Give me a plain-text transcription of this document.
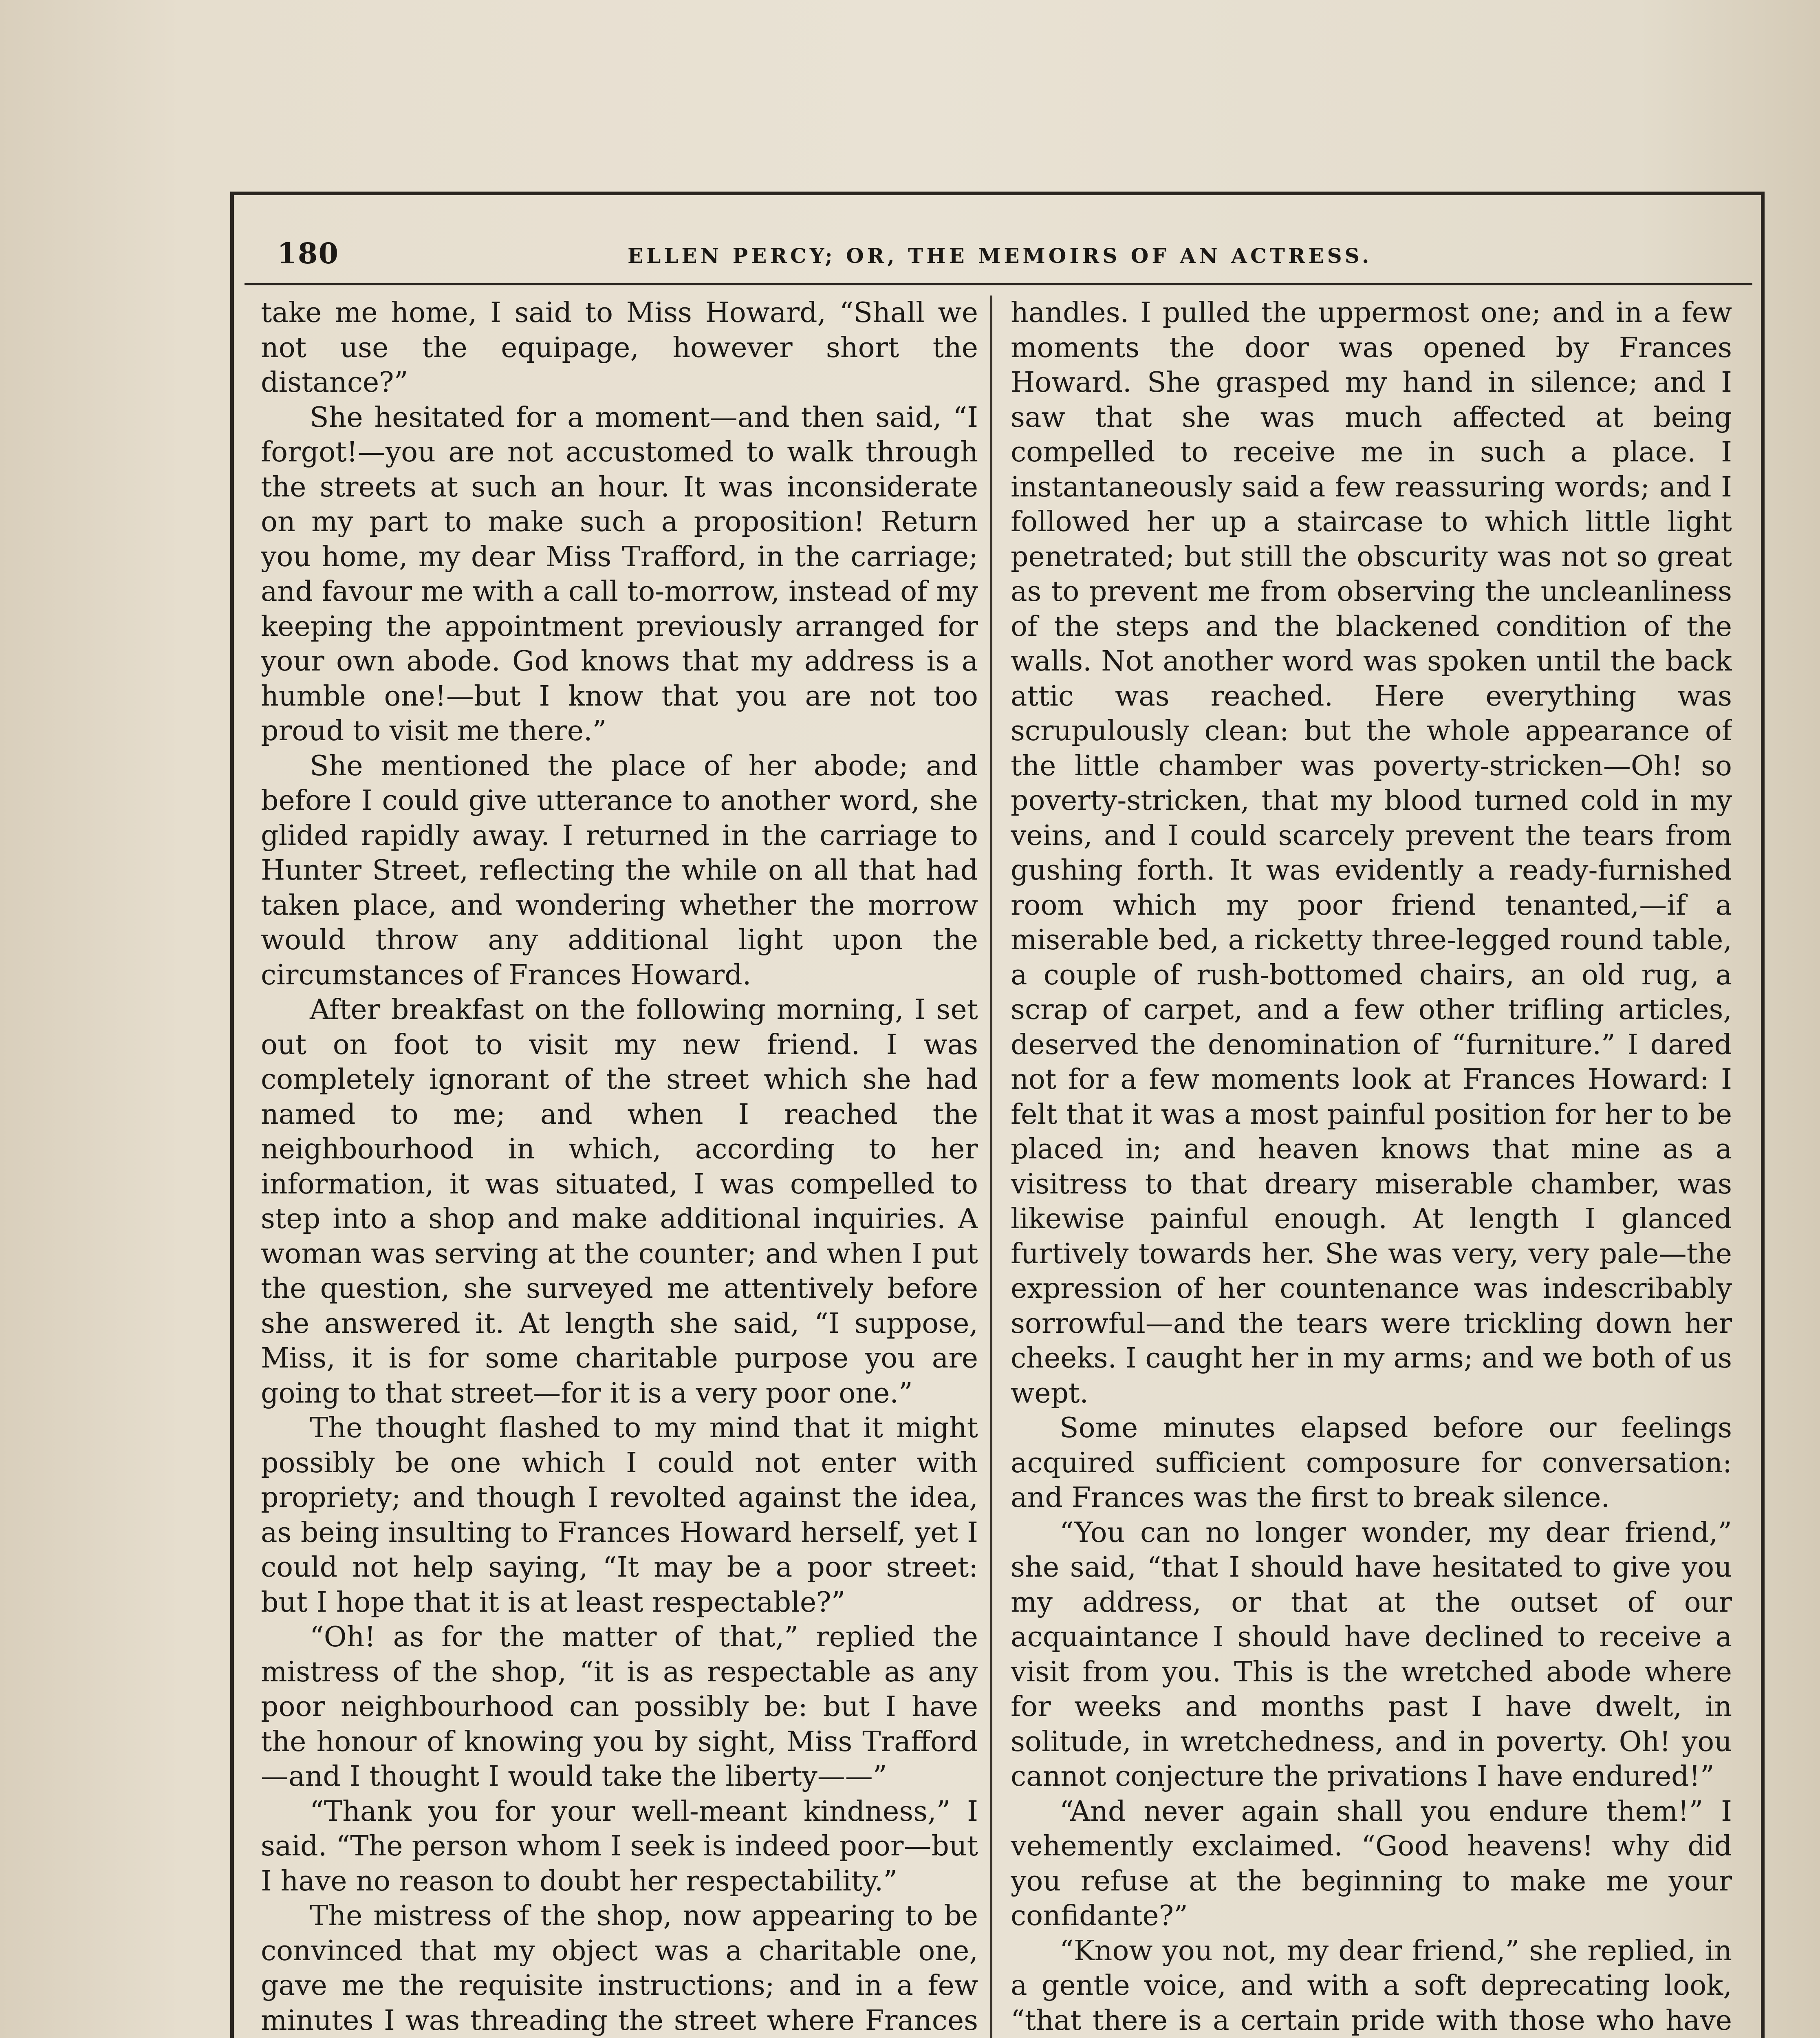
180	ELLEN PERCY; OR, THE MEMOIRS OF AN ACTRESS.

take me home, I said to Miss Howard, “Shall we not use the equipage, however short the distance?”

She hesitated for a moment—and then said, “I forgot!—you are not accustomed to walk through the streets at such an hour. It was inconsiderate on my part to make such a proposition! Return you home, my dear Miss Trafford, in the carriage; and favour me with a call to-morrow, instead of my keeping the appointment previously arranged for your own abode. God knows that my address is a humble one!—but I know that you are not too proud to visit me there.”

She mentioned the place of her abode; and before I could give utterance to another word, she glided rapidly away. I returned in the carriage to Hunter Street, reflecting the while on all that had taken place, and wondering whether the morrow would throw any additional light upon the circumstances of Frances Howard.

After breakfast on the following morning, I set out on foot to visit my new friend. I was completely ignorant of the street which she had named to me; and when I reached the neighbourhood in which, according to her information, it was situated, I was compelled to step into a shop and make additional inquiries. A woman was serving at the counter; and when I put the question, she surveyed me attentively before she answered it. At length she said, “I suppose, Miss, it is for some charitable purpose you are going to that street—for it is a very poor one.”

The thought flashed to my mind that it might possibly be one which I could not enter with propriety; and though I revolted against the idea, as being insulting to Frances Howard herself, yet I could not help saying, “It may be a poor street: but I hope that it is at least respectable?”

“Oh! as for the matter of that,” replied the mistress of the shop, “it is as respectable as any poor neighbourhood can possibly be: but I have the honour of knowing you by sight, Miss Trafford—and I thought I would take the liberty——”

“Thank you for your well-meant kindness,” I said. “The person whom I seek is indeed poor—but I have no reason to doubt her respectability.”

The mistress of the shop, now appearing to be convinced that my object was a charitable one, gave me the requisite instructions; and in a few minutes I was threading the street where Frances

handles. I pulled the uppermost one; and in a few moments the door was opened by Frances Howard. She grasped my hand in silence; and I saw that she was much affected at being compelled to receive me in such a place. I instantaneously said a few reassuring words; and I followed her up a staircase to which little light penetrated; but still the obscurity was not so great as to prevent me from observing the uncleanliness of the steps and the blackened condition of the walls. Not another word was spoken until the back attic was reached. Here everything was scrupulously clean: but the whole appearance of the little chamber was poverty-stricken—Oh! so poverty-stricken, that my blood turned cold in my veins, and I could scarcely prevent the tears from gushing forth. It was evidently a ready-furnished room which my poor friend tenanted,—if a miserable bed, a ricketty three-legged round table, a couple of rush-bottomed chairs, an old rug, a scrap of carpet, and a few other trifling articles, deserved the denomination of “furniture.” I dared not for a few moments look at Frances Howard: I felt that it was a most painful position for her to be placed in; and heaven knows that mine as a visitress to that dreary miserable chamber, was likewise painful enough. At length I glanced furtively towards her. She was very, very pale—the expression of her countenance was indescribably sorrowful—and the tears were trickling down her cheeks. I caught her in my arms; and we both of us wept.

Some minutes elapsed before our feelings acquired sufficient composure for conversation: and Frances was the first to break silence.

“You can no longer wonder, my dear friend,” she said, “that I should have hesitated to give you my address, or that at the outset of our acquaintance I should have declined to receive a visit from you. This is the wretched abode where for weeks and months past I have dwelt, in solitude, in wretchedness, and in poverty. Oh! you cannot conjecture the privations I have endured!”

“And never again shall you endure them!” I vehemently exclaimed. “Good heavens! why did you refuse at the beginning to make me your confidante?”

“Know you not, my dear friend,” she replied, in a gentle voice, and with a soft deprecating look, “that there is a certain pride with those who have
